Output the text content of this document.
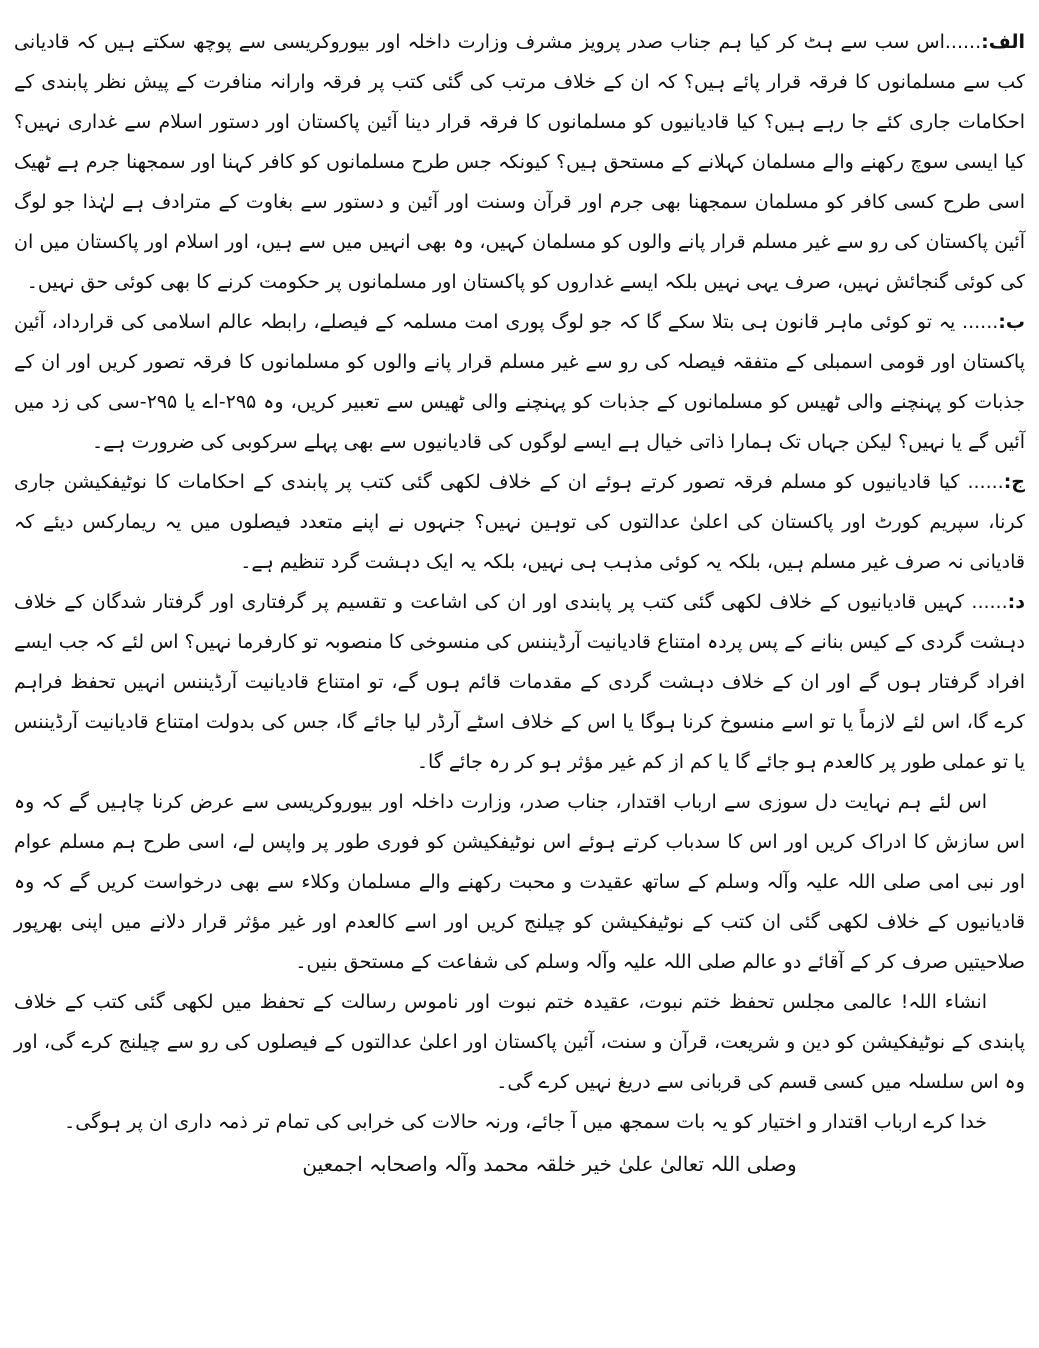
الف:......اس سب سے ہٹ کر کیا ہم جناب صدر پرویز مشرف وزارت داخلہ اور بیوروکریسی سے پوچھ سکتے ہیں کہ قادیانی کب سے مسلمانوں کا فرقہ قرار پائے ہیں؟ کہ ان کے خلاف مرتب کی گئی کتب پر فرقہ وارانہ منافرت کے پیش نظر پابندی کے احکامات جاری کئے جا رہے ہیں؟ کیا قادیانیوں کو مسلمانوں کا فرقہ قرار دینا آئین پاکستان اور دستور اسلام سے غداری نہیں؟ کیا ایسی سوچ رکھنے والے مسلمان کہلانے کے مستحق ہیں؟ کیونکہ جس طرح مسلمانوں کو کافر کہنا اور سمجھنا جرم ہے ٹھیک اسی طرح کسی کافر کو مسلمان سمجھنا بھی جرم اور قرآن وسنت اور آئین و دستور سے بغاوت کے مترادف ہے لہٰذا جو لوگ آئین پاکستان کی رو سے غیر مسلم قرار پانے والوں کو مسلمان کہیں، وہ بھی انہیں میں سے ہیں، اور اسلام اور پاکستان میں ان کی کوئی گنجائش نہیں، صرف یہی نہیں بلکہ ایسے غداروں کو پاکستان اور مسلمانوں پر حکومت کرنے کا بھی کوئی حق نہیں۔

ب:...... یہ تو کوئی ماہر قانون ہی بتلا سکے گا کہ جو لوگ پوری امت مسلمہ کے فیصلے، رابطہ عالم اسلامی کی قرارداد، آئین پاکستان اور قومی اسمبلی کے متفقہ فیصلہ کی رو سے غیر مسلم قرار پانے والوں کو مسلمانوں کا فرقہ تصور کریں اور ان کے جذبات کو پہنچنے والی ٹھیس کو مسلمانوں کے جذبات کو پہنچنے والی ٹھیس سے تعبیر کریں، وہ ۲۹۵-اے یا ۲۹۵-سی کی زد میں آئیں گے یا نہیں؟ لیکن جہاں تک ہمارا ذاتی خیال ہے ایسے لوگوں کی قادیانیوں سے بھی پہلے سرکوبی کی ضرورت ہے۔

ج:...... کیا قادیانیوں کو مسلم فرقہ تصور کرتے ہوئے ان کے خلاف لکھی گئی کتب پر پابندی کے احکامات کا نوٹیفکیشن جاری کرنا، سپریم کورٹ اور پاکستان کی اعلیٰ عدالتوں کی توہین نہیں؟ جنہوں نے اپنے متعدد فیصلوں میں یہ ریمارکس دیئے کہ قادیانی نہ صرف غیر مسلم ہیں، بلکہ یہ کوئی مذہب ہی نہیں، بلکہ یہ ایک دہشت گرد تنظیم ہے۔

د:...... کہیں قادیانیوں کے خلاف لکھی گئی کتب پر پابندی اور ان کی اشاعت و تقسیم پر گرفتاری اور گرفتار شدگان کے خلاف دہشت گردی کے کیس بنانے کے پس پردہ امتناع قادیانیت آرڈیننس کی منسوخی کا منصوبہ تو کارفرما نہیں؟ اس لئے کہ جب ایسے افراد گرفتار ہوں گے اور ان کے خلاف دہشت گردی کے مقدمات قائم ہوں گے، تو امتناع قادیانیت آرڈیننس انہیں تحفظ فراہم کرے گا، اس لئے لازماً یا تو اسے منسوخ کرنا ہوگا یا اس کے خلاف اسٹے آرڈر لیا جائے گا، جس کی بدولت امتناع قادیانیت آرڈیننس یا تو عملی طور پر کالعدم ہو جائے گا یا کم از کم غیر مؤثر ہو کر رہ جائے گا۔

اس لئے ہم نہایت دل سوزی سے ارباب اقتدار، جناب صدر، وزارت داخلہ اور بیوروکریسی سے عرض کرنا چاہیں گے کہ وہ اس سازش کا ادراک کریں اور اس کا سدباب کرتے ہوئے اس نوٹیفکیشن کو فوری طور پر واپس لے، اسی طرح ہم مسلم عوام اور نبی امی صلی اللہ علیہ وآلہ وسلم کے ساتھ عقیدت و محبت رکھنے والے مسلمان وکلاء سے بھی درخواست کریں گے کہ وہ قادیانیوں کے خلاف لکھی گئی ان کتب کے نوٹیفکیشن کو چیلنج کریں اور اسے کالعدم اور غیر مؤثر قرار دلانے میں اپنی بھرپور صلاحیتیں صرف کر کے آقائے دو عالم صلی اللہ علیہ وآلہ وسلم کی شفاعت کے مستحق بنیں۔

انشاء اللہ! عالمی مجلس تحفظ ختم نبوت، عقیدہ ختم نبوت اور ناموس رسالت کے تحفظ میں لکھی گئی کتب کے خلاف پابندی کے نوٹیفکیشن کو دین و شریعت، قرآن و سنت، آئین پاکستان اور اعلیٰ عدالتوں کے فیصلوں کی رو سے چیلنج کرے گی، اور وہ اس سلسلہ میں کسی قسم کی قربانی سے دریغ نہیں کرے گی۔

خدا کرے ارباب اقتدار و اختیار کو یہ بات سمجھ میں آ جائے، ورنہ حالات کی خرابی کی تمام تر ذمہ داری ان پر ہوگی۔

وصلی اللہ تعالیٰ علیٰ خیر خلقہ محمد وآلہ واصحابہ اجمعین
